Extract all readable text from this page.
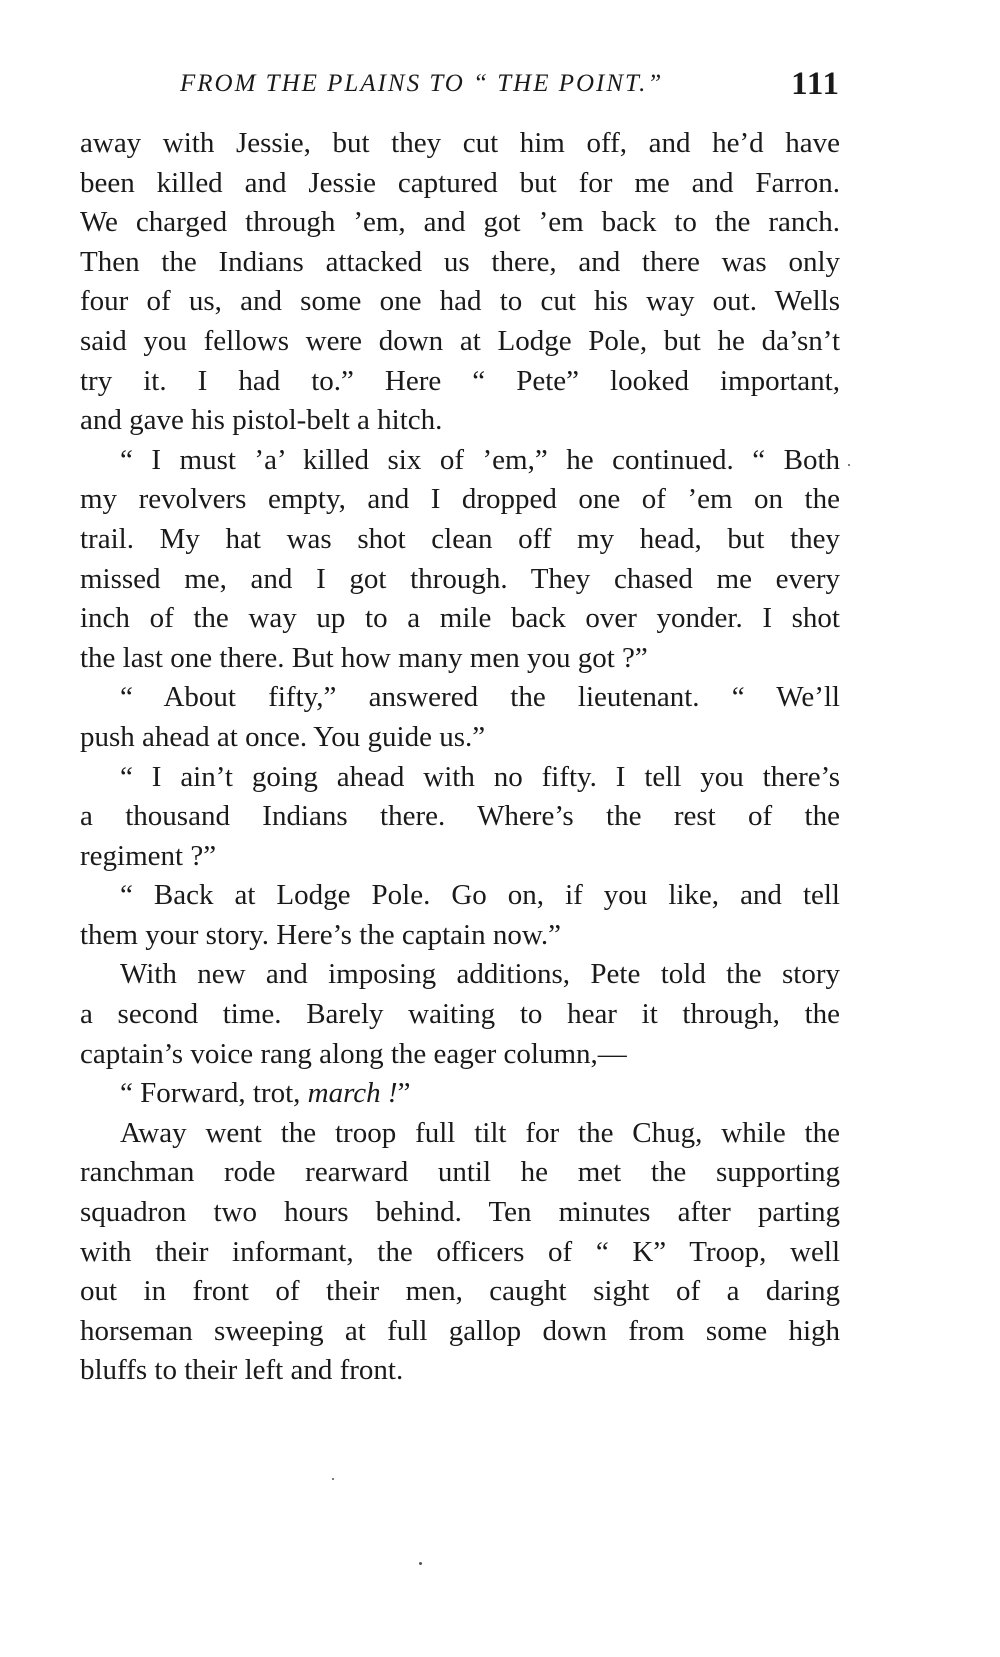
FROM THE PLAINS TO “ THE POINT.”	111
away with Jessie, but they cut him off, and he’d have
been killed and Jessie captured but for me and Farron.
We charged through ’em, and got ’em back to the ranch.
Then the Indians attacked us there, and there was only
four of us, and some one had to cut his way out. Wells
said you fellows were down at Lodge Pole, but he da’sn’t
try it. I had to.” Here “ Pete” looked important,
and gave his pistol-belt a hitch.
“ I must ’a’ killed six of ’em,” he continued. “ Both
my revolvers empty, and I dropped one of ’em on the
trail. My hat was shot clean off my head, but they
missed me, and I got through. They chased me every
inch of the way up to a mile back over yonder. I shot
the last one there. But how many men you got ?”
“ About fifty,” answered the lieutenant. “ We’ll
push ahead at once. You guide us.”
“ I ain’t going ahead with no fifty. I tell you there’s
a thousand Indians there. Where’s the rest of the
regiment ?”
“ Back at Lodge Pole. Go on, if you like, and tell
them your story. Here’s the captain now.”
With new and imposing additions, Pete told the story
a second time. Barely waiting to hear it through, the
captain’s voice rang along the eager column,—
“ Forward, trot, march !”
Away went the troop full tilt for the Chug, while the
ranchman rode rearward until he met the supporting
squadron two hours behind. Ten minutes after parting
with their informant, the officers of “ K” Troop, well
out in front of their men, caught sight of a daring
horseman sweeping at full gallop down from some high
bluffs to their left and front.
